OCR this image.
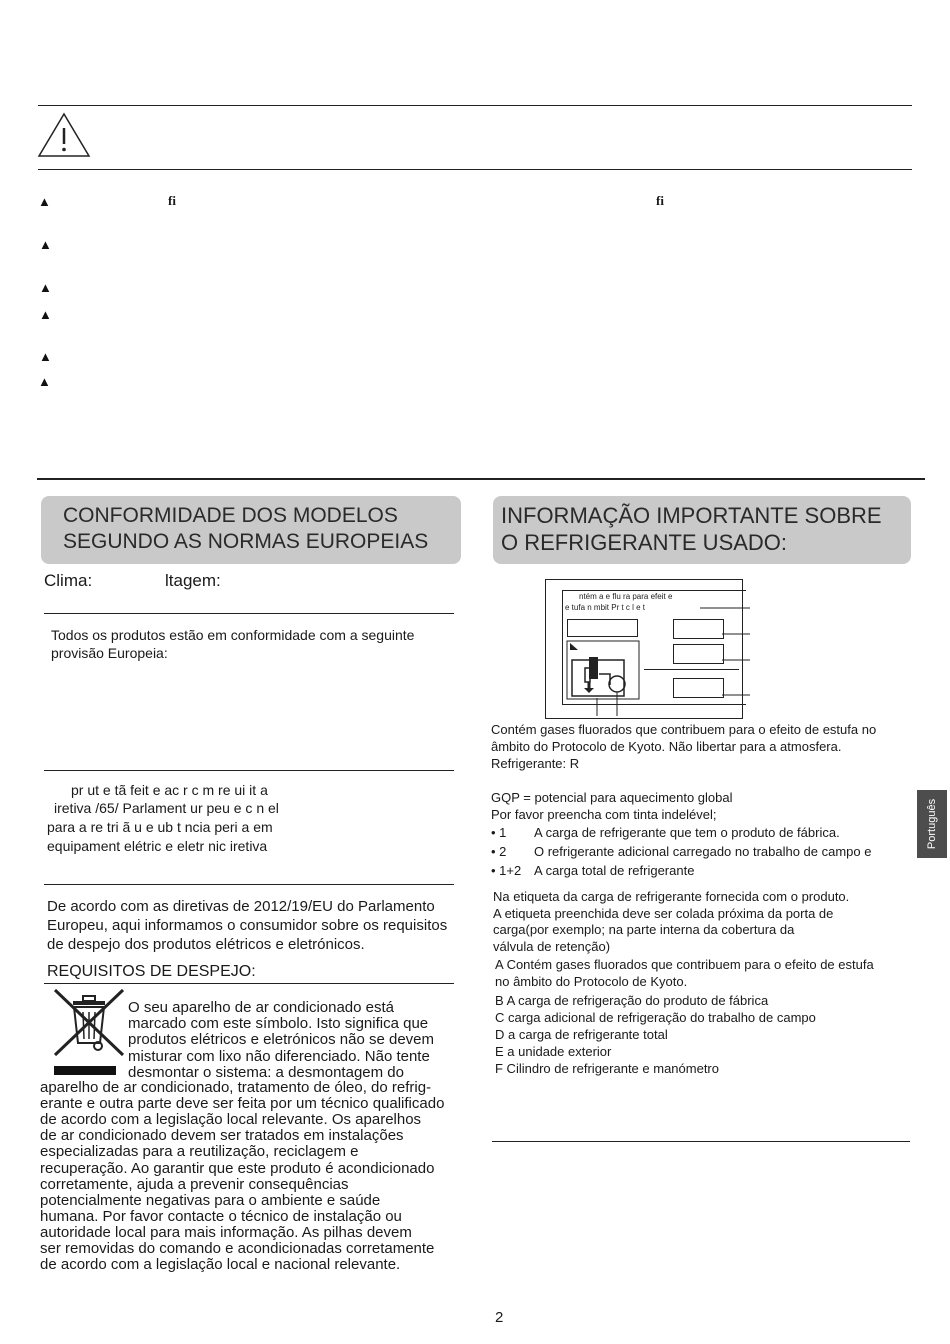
▲	fi	fi
▲
▲
▲
▲
▲
CONFORMIDADE DOS MODELOS
SEGUNDO AS NORMAS EUROPEIAS
Clima:	ltagem:
Todos os produtos estão em conformidade com a seguinte
provisão Europeia:
pr ut e tã feit e ac r c m re ui it a
iretiva /65/ Parlament ur peu e c n el
para a re tri ã u e ub t ncia peri a em
equipament elétric e eletr nic iretiva
De acordo com as diretivas de 2012/19/EU do Parlamento
Europeu, aqui informamos o consumidor sobre os requisitos
de despejo dos produtos elétricos e eletrónicos.
REQUISITOS DE DESPEJO:
O seu aparelho de ar condicionado está
marcado com este símbolo. Isto significa que
produtos elétricos e eletrónicos não se devem
misturar com lixo não diferenciado. Não tente
desmontar o sistema: a desmontagem do
aparelho de ar condicionado, tratamento de óleo, do refrig-
erante e outra parte deve ser feita por um técnico qualificado
de acordo com a legislação local relevante. Os aparelhos
de ar condicionado devem ser tratados em instalações
especializadas para a reutilização, reciclagem e
recuperação. Ao garantir que este produto é acondicionado
corretamente, ajuda a prevenir consequências
potencialmente negativas para o ambiente e saúde
humana. Por favor contacte o técnico de instalação ou
autoridade local para mais informação. As pilhas devem
ser removidas do comando e acondicionadas corretamente
de acordo com a legislação local e nacional relevante.
INFORMAÇÃO IMPORTANTE SOBRE
O REFRIGERANTE USADO:
ntém a e flu ra para efeit e
e tufa n mbit Pr t c l e t
Contém gases fluorados que contribuem para o efeito de estufa no
âmbito do Protocolo de Kyoto. Não libertar para a atmosfera.
Refrigerante: R
GQP = potencial para aquecimento global
Por favor preencha com tinta indelével;
• 1 A carga de refrigerante que tem o produto de fábrica.
• 2 O refrigerante adicional carregado no trabalho de campo e
• 1+2 A carga total de refrigerante
Na etiqueta da carga de refrigerante fornecida com o produto.
A etiqueta preenchida deve ser colada próxima da porta de
carga(por exemplo; na parte interna da cobertura da
válvula de retenção)
A Contém gases fluorados que contribuem para o efeito de estufa
no âmbito do Protocolo de Kyoto.
B A carga de refrigeração do produto de fábrica
C carga adicional de refrigeração do trabalho de campo
D a carga de refrigerante total
E a unidade exterior
F Cilindro de refrigerante e manómetro
Português
2
